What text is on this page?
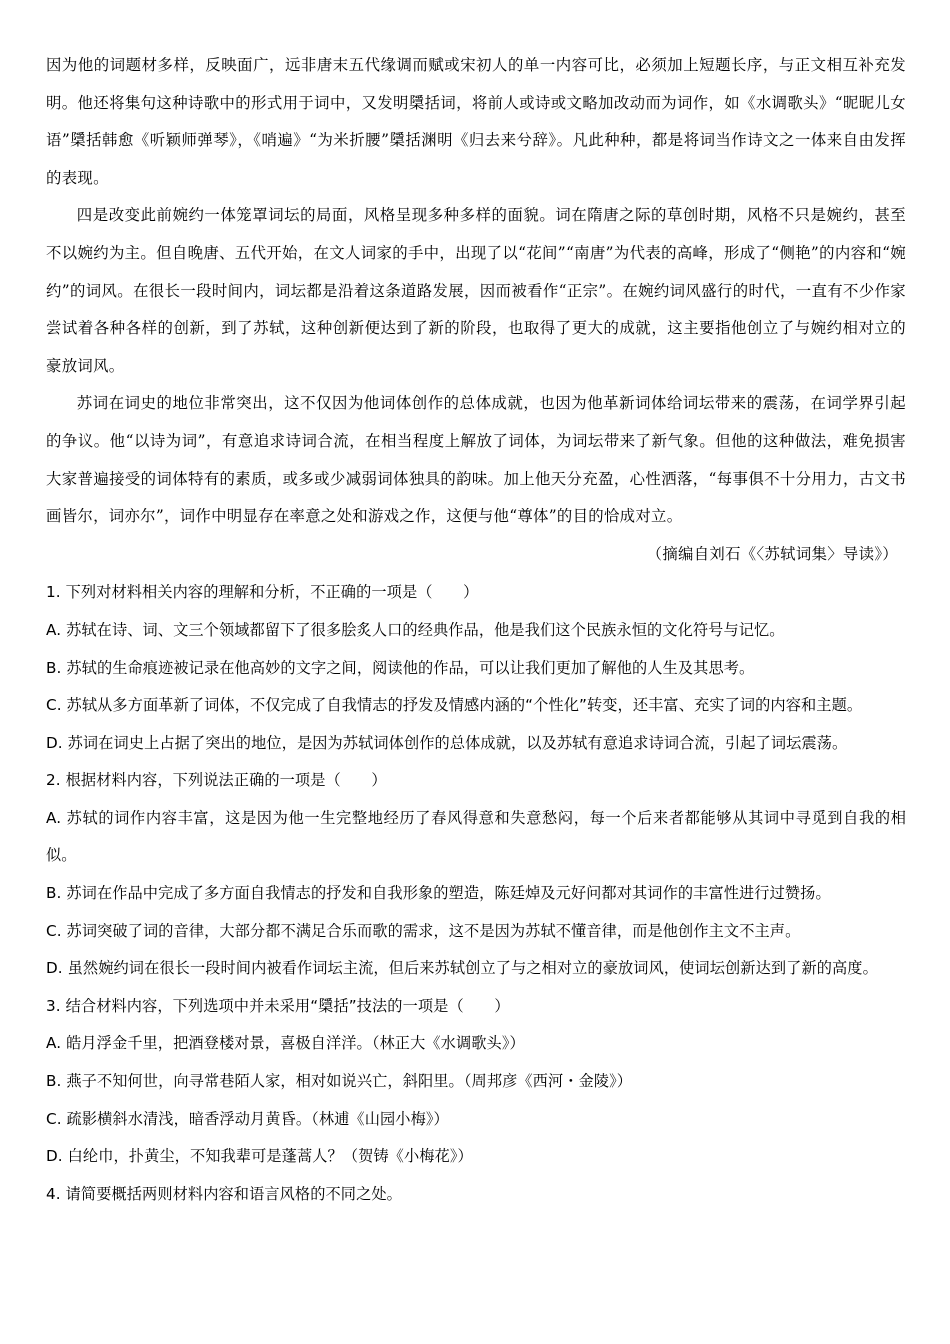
因为他的词题材多样，反映面广，远非唐末五代缘调而赋或宋初人的单一内容可比，必须加上短题长序，与正文相互补充发明。他还将集句这种诗歌中的形式用于词中，又发明檃括词，将前人或诗或文略加改动而为词作，如《水调歌头》“昵昵儿女语”檃括韩愈《听颖师弹琴》，《哨遍》“为米折腰”檃括渊明《归去来兮辞》。凡此种种，都是将词当作诗文之一体来自由发挥的表现。

四是改变此前婉约一体笼罩词坛的局面，风格呈现多种多样的面貌。词在隋唐之际的草创时期，风格不只是婉约，甚至不以婉约为主。但自晚唐、五代开始，在文人词家的手中，出现了以“花间”“南唐”为代表的高峰，形成了“侧艳”的内容和“婉约”的词风。在很长一段时间内，词坛都是沿着这条道路发展，因而被看作“正宗”。在婉约词风盛行的时代，一直有不少作家尝试着各种各样的创新，到了苏轼，这种创新便达到了新的阶段，也取得了更大的成就，这主要指他创立了与婉约相对立的豪放词风。

苏词在词史的地位非常突出，这不仅因为他词体创作的总体成就，也因为他革新词体给词坛带来的震荡，在词学界引起的争议。他“以诗为词”，有意追求诗词合流，在相当程度上解放了词体，为词坛带来了新气象。但他的这种做法，难免损害大家普遍接受的词体特有的素质，或多或少减弱词体独具的韵味。加上他天分充盈，心性洒落，“每事俱不十分用力，古文书画皆尔，词亦尔”，词作中明显存在率意之处和游戏之作，这便与他“尊体”的目的恰成对立。

（摘编自刘石《〈苏轼词集〉导读》）

1. 下列对材料相关内容的理解和分析，不正确的一项是（　　）

A. 苏轼在诗、词、文三个领域都留下了很多脍炙人口的经典作品，他是我们这个民族永恒的文化符号与记忆。

B. 苏轼的生命痕迹被记录在他高妙的文字之间，阅读他的作品，可以让我们更加了解他的人生及其思考。

C. 苏轼从多方面革新了词体，不仅完成了自我情志的抒发及情感内涵的“个性化”转变，还丰富、充实了词的内容和主题。

D. 苏词在词史上占据了突出的地位，是因为苏轼词体创作的总体成就，以及苏轼有意追求诗词合流，引起了词坛震荡。

2. 根据材料内容，下列说法正确的一项是（　　）

A. 苏轼的词作内容丰富，这是因为他一生完整地经历了春风得意和失意愁闷，每一个后来者都能够从其词中寻觅到自我的相似。

B. 苏词在作品中完成了多方面自我情志的抒发和自我形象的塑造，陈廷焯及元好问都对其词作的丰富性进行过赞扬。

C. 苏词突破了词的音律，大部分都不满足合乐而歌的需求，这不是因为苏轼不懂音律，而是他创作主文不主声。

D. 虽然婉约词在很长一段时间内被看作词坛主流，但后来苏轼创立了与之相对立的豪放词风，使词坛创新达到了新的高度。

3. 结合材料内容，下列选项中并未采用“檃括”技法的一项是（　　）

A. 皓月浮金千里，把酒登楼对景，喜极自洋洋。（林正大《水调歌头》）

B. 燕子不知何世，向寻常巷陌人家，相对如说兴亡，斜阳里。（周邦彦《西河・金陵》）

C. 疏影横斜水清浅，暗香浮动月黄昏。（林逋《山园小梅》）

D. 白纶巾，扑黄尘，不知我辈可是蓬蒿人？（贺铸《小梅花》）

4. 请简要概括两则材料内容和语言风格的不同之处。
